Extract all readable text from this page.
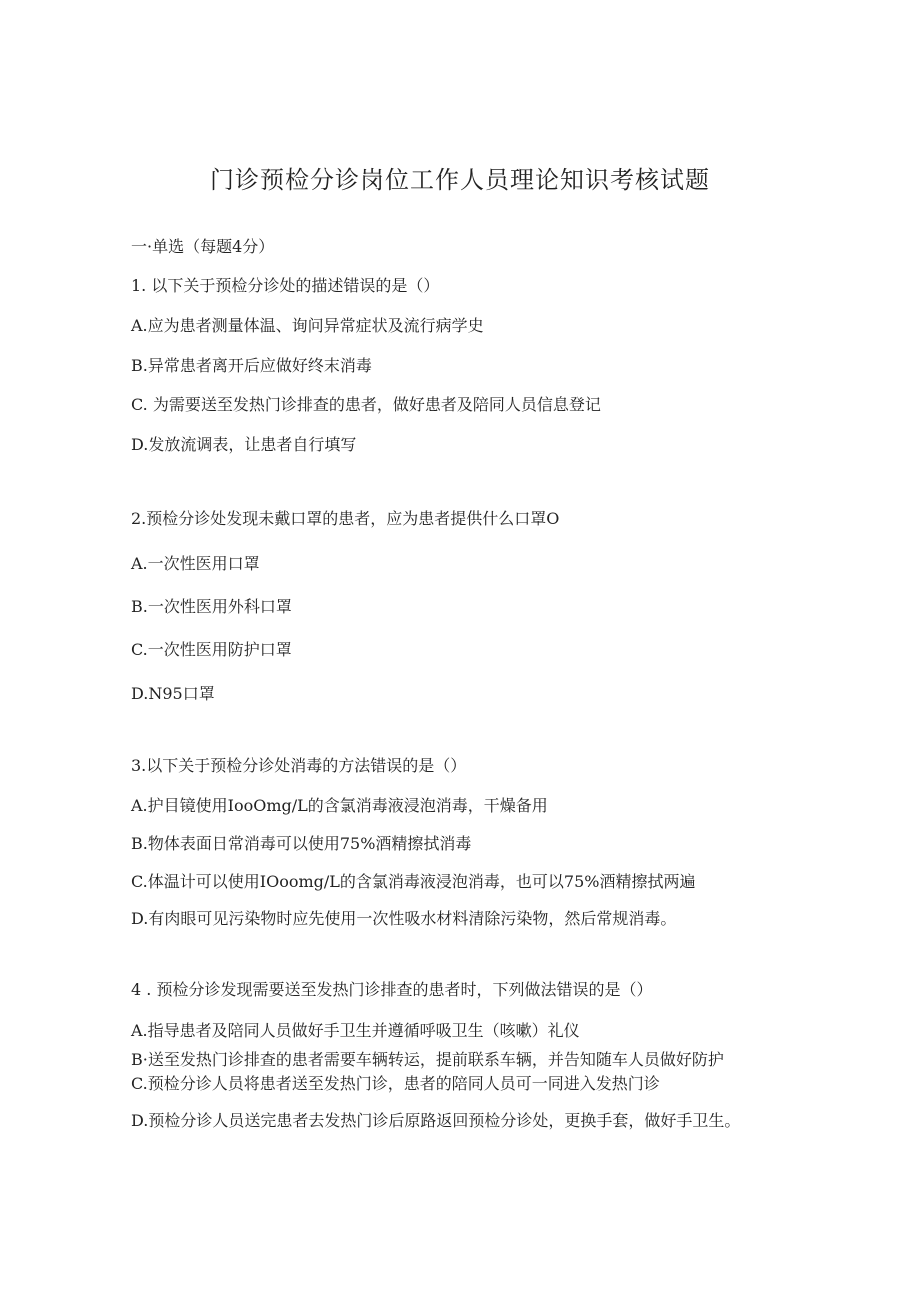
门诊预检分诊岗位工作人员理论知识考核试题
一·单选（每题4分）
1. 以下关于预检分诊处的描述错误的是（）
A.应为患者测量体温、询问异常症状及流行病学史
B.异常患者离开后应做好终末消毒
C. 为需要送至发热门诊排查的患者，做好患者及陪同人员信息登记
D.发放流调表，让患者自行填写
2.预检分诊处发现未戴口罩的患者，应为患者提供什么口罩O
A.一次性医用口罩
B.一次性医用外科口罩
C.一次性医用防护口罩
D.N95口罩
3.以下关于预检分诊处消毒的方法错误的是（）
A.护目镜使用IooOmg/L的含氯消毒液浸泡消毒，干燥备用
B.物体表面日常消毒可以使用75%酒精擦拭消毒
C.体温计可以使用IOoomg/L的含氯消毒液浸泡消毒，也可以75%酒精擦拭两遍
D.有肉眼可见污染物时应先使用一次性吸水材料清除污染物，然后常规消毒。
4 . 预检分诊发现需要送至发热门诊排查的患者时，下列做法错误的是（）
A.指导患者及陪同人员做好手卫生并遵循呼吸卫生（咳嗽）礼仪
B·送至发热门诊排查的患者需要车辆转运，提前联系车辆，并告知随车人员做好防护
C.预检分诊人员将患者送至发热门诊，患者的陪同人员可一同进入发热门诊
D.预检分诊人员送完患者去发热门诊后原路返回预检分诊处，更换手套，做好手卫生。
